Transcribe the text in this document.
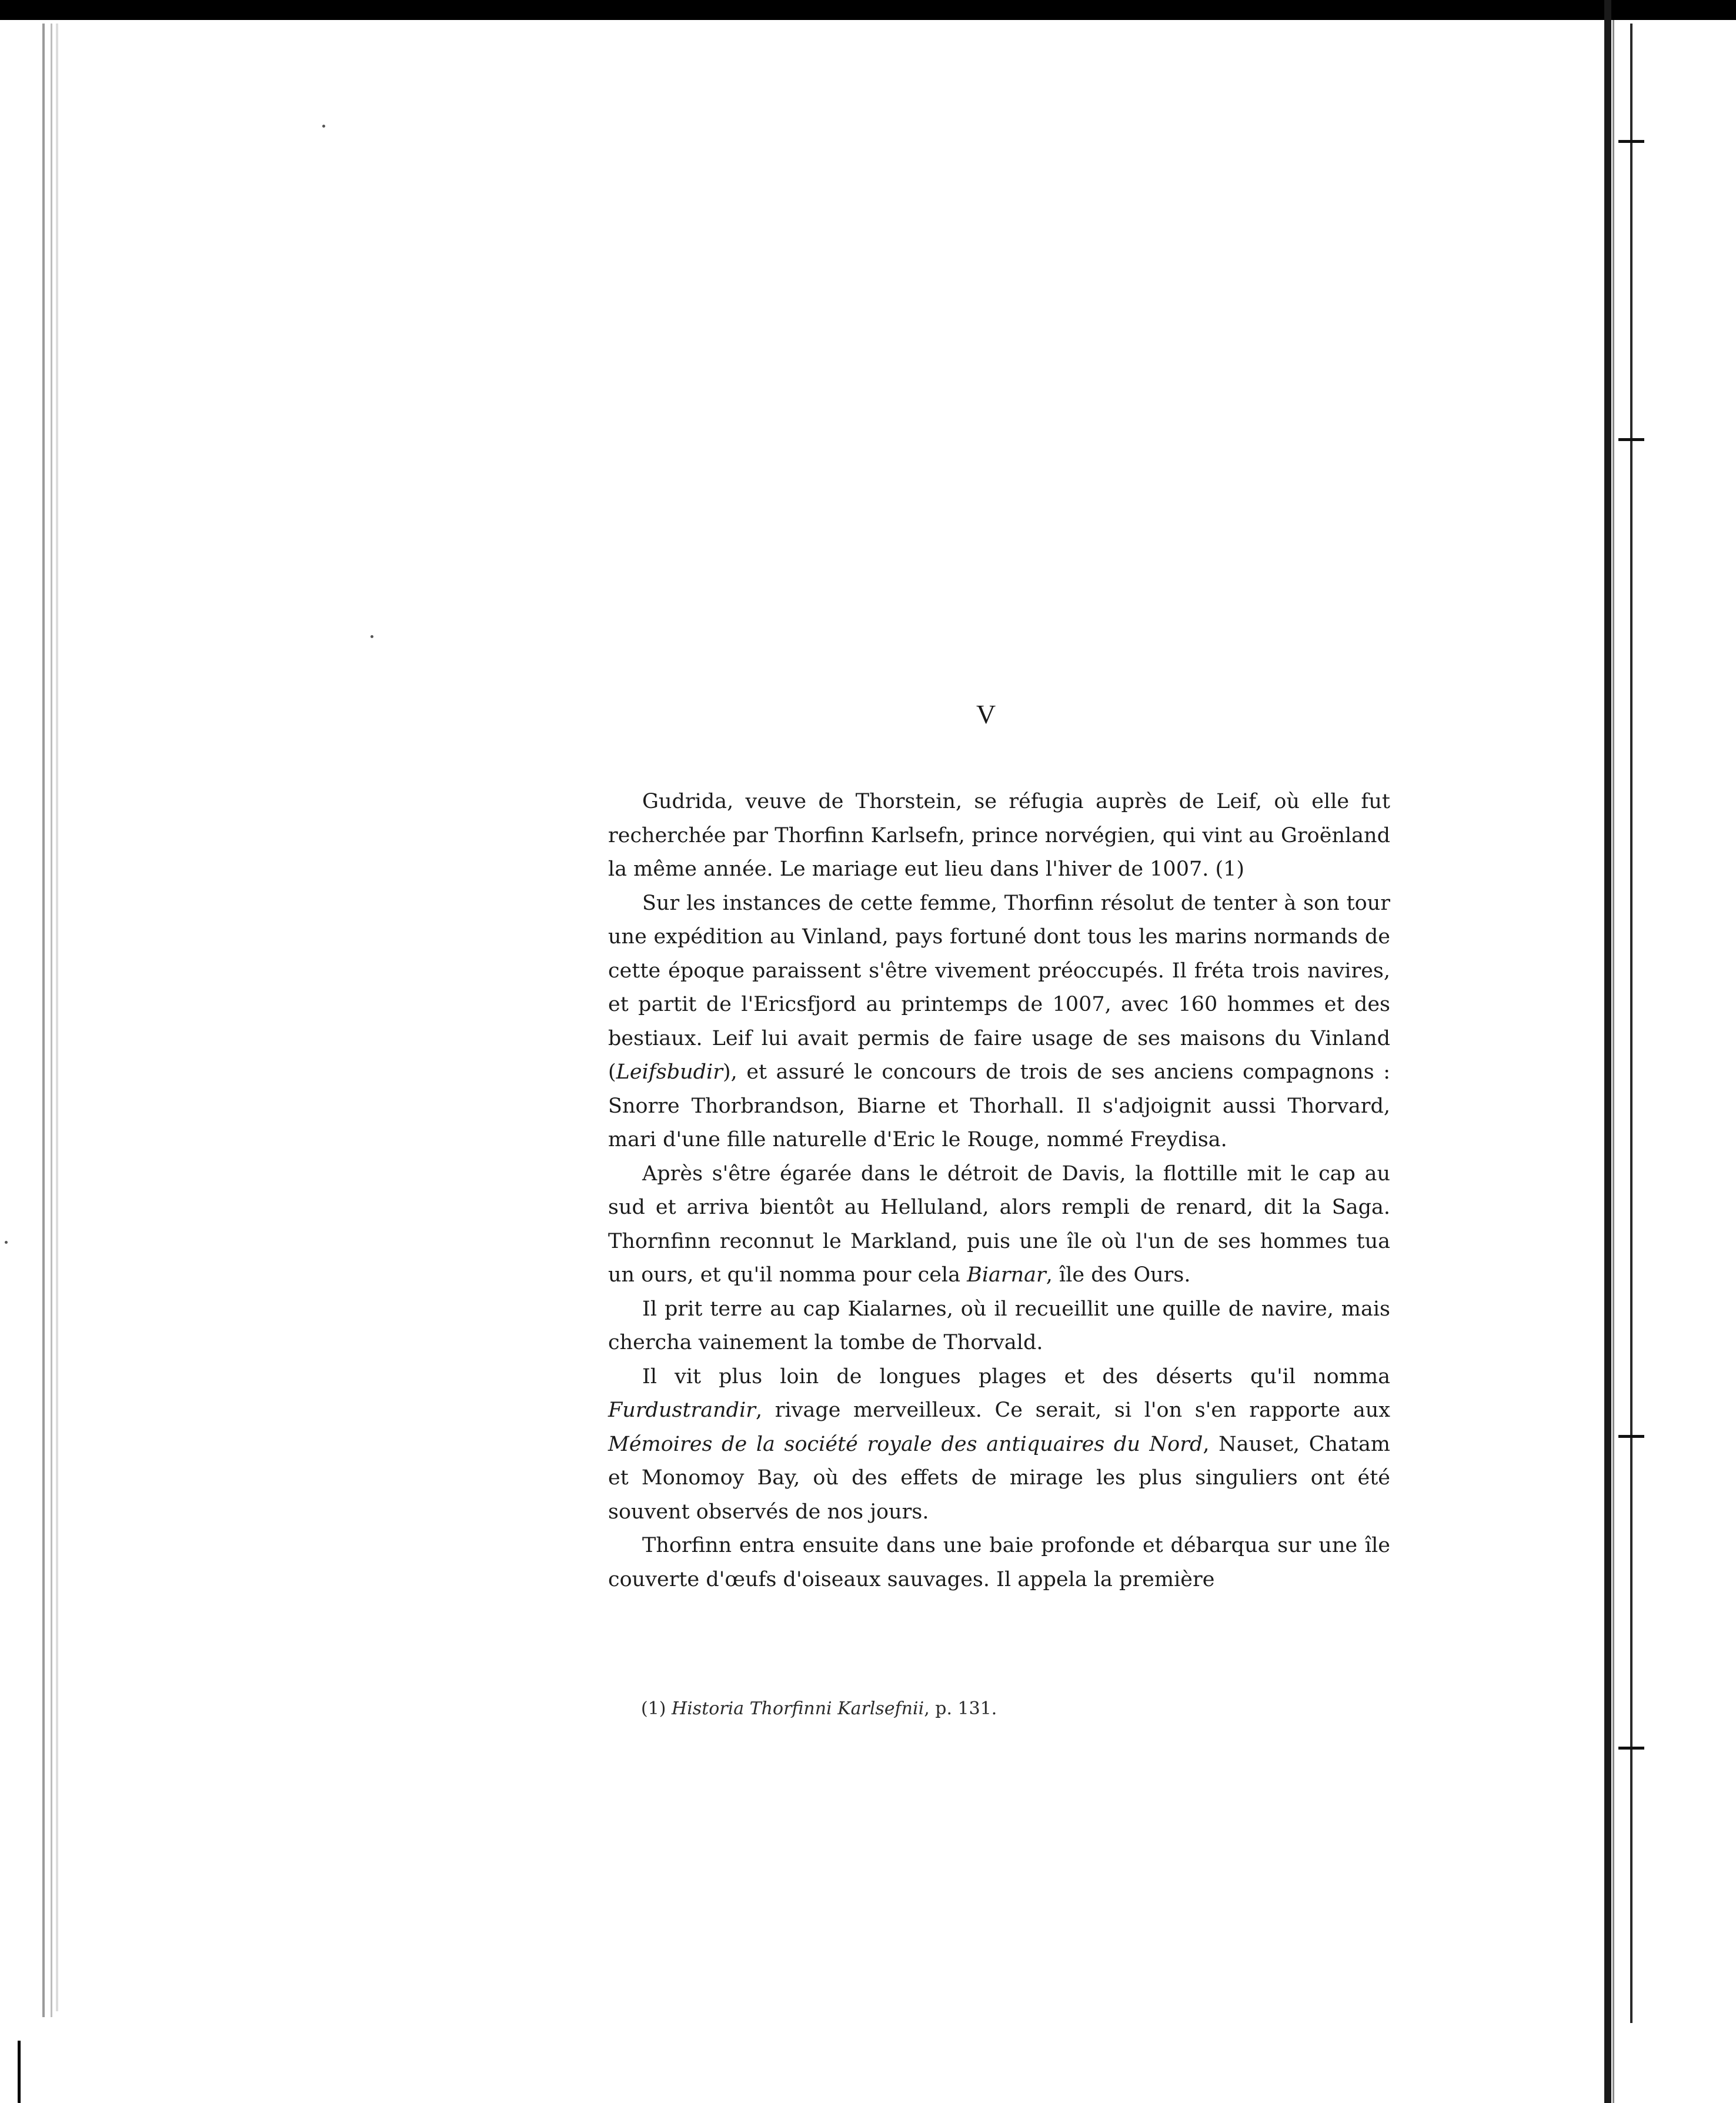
V

Gudrida, veuve de Thorstein, se réfugia auprès de Leif, où elle fut recherchée par Thorfinn Karlsefn, prince norvégien, qui vint au Groënland la même année. Le mariage eut lieu dans l'hiver de 1007. (1)

Sur les instances de cette femme, Thorfinn résolut de tenter à son tour une expédition au Vinland, pays fortuné dont tous les marins normands de cette époque paraissent s'être vivement préoccupés. Il fréta trois navires, et partit de l'Ericsfjord au printemps de 1007, avec 160 hommes et des bestiaux. Leif lui avait permis de faire usage de ses maisons du Vinland (Leifsbudir), et assuré le concours de trois de ses anciens compagnons : Snorre Thorbrandson, Biarne et Thorhall. Il s'adjoignit aussi Thorvard, mari d'une fille naturelle d'Eric le Rouge, nommé Freydisa.

Après s'être égarée dans le détroit de Davis, la flottille mit le cap au sud et arriva bientôt au Helluland, alors rempli de renard, dit la Saga. Thornfinn reconnut le Markland, puis une île où l'un de ses hommes tua un ours, et qu'il nomma pour cela Biarnar, île des Ours.

Il prit terre au cap Kialarnes, où il recueillit une quille de navire, mais chercha vainement la tombe de Thorvald.

Il vit plus loin de longues plages et des déserts qu'il nomma Furdustrandir, rivage merveilleux. Ce serait, si l'on s'en rapporte aux Mémoires de la société royale des antiquaires du Nord, Nauset, Chatam et Monomoy Bay, où des effets de mirage les plus singuliers ont été souvent observés de nos jours.

Thorfinn entra ensuite dans une baie profonde et débarqua sur une île couverte d'œufs d'oiseaux sauvages. Il appela la première

(1) Historia Thorfinni Karlsefnii, p. 131.
